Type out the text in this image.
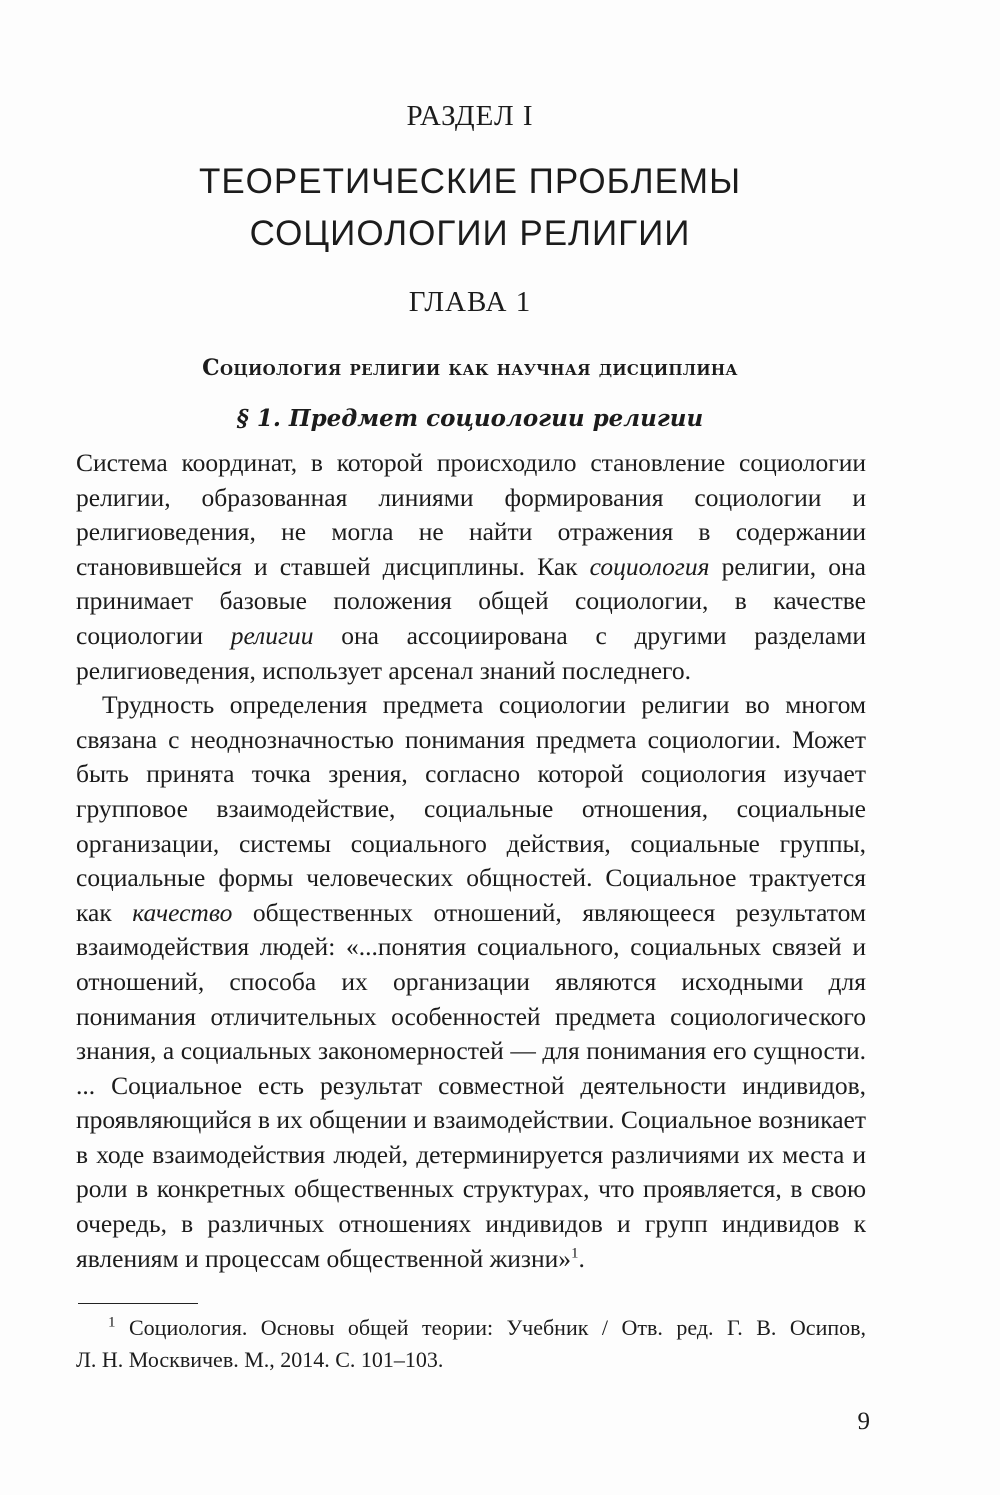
РАЗДЕЛ I
ТЕОРЕТИЧЕСКИЕ ПРОБЛЕМЫ
СОЦИОЛОГИИ РЕЛИГИИ
ГЛАВА 1
Социология религии как научная дисциплина
§ 1. Предмет социологии религии

Система координат, в которой происходило становление социологии религии, образованная линиями формирования социологии и религиоведения, не могла не найти отражения в содержании становившейся и ставшей дисциплины. Как социология религии, она принимает базовые положения общей социологии, в качестве социологии религии она ассоциирована с другими разделами религиоведения, использует арсенал знаний последнего.

Трудность определения предмета социологии религии во многом связана с неоднозначностью понимания предмета социологии. Может быть принята точка зрения, согласно которой социология изучает групповое взаимодействие, социальные отношения, социальные организации, системы социального действия, социальные группы, социальные формы человеческих общностей. Социальное трактуется как качество общественных отношений, являющееся результатом взаимодействия людей: «...понятия социального, социальных связей и отношений, способа их организации являются исходными для понимания отличительных особенностей предмета социологического знания, а социальных закономерностей — для понимания его сущности. ... Социальное есть результат совместной деятельности индивидов, проявляющийся в их общении и взаимодействии. Социальное возникает в ходе взаимодействия людей, детерминируется различиями их места и роли в конкретных общественных структурах, что проявляется, в свою очередь, в различных отношениях индивидов и групп индивидов к явлениям и процессам общественной жизни»$^1$.

$^1$ Социология. Основы общей теории: Учебник / Отв. ред. Г. В. Осипов,
Л. Н. Москвичев. М., 2014. С. 101–103.
9
